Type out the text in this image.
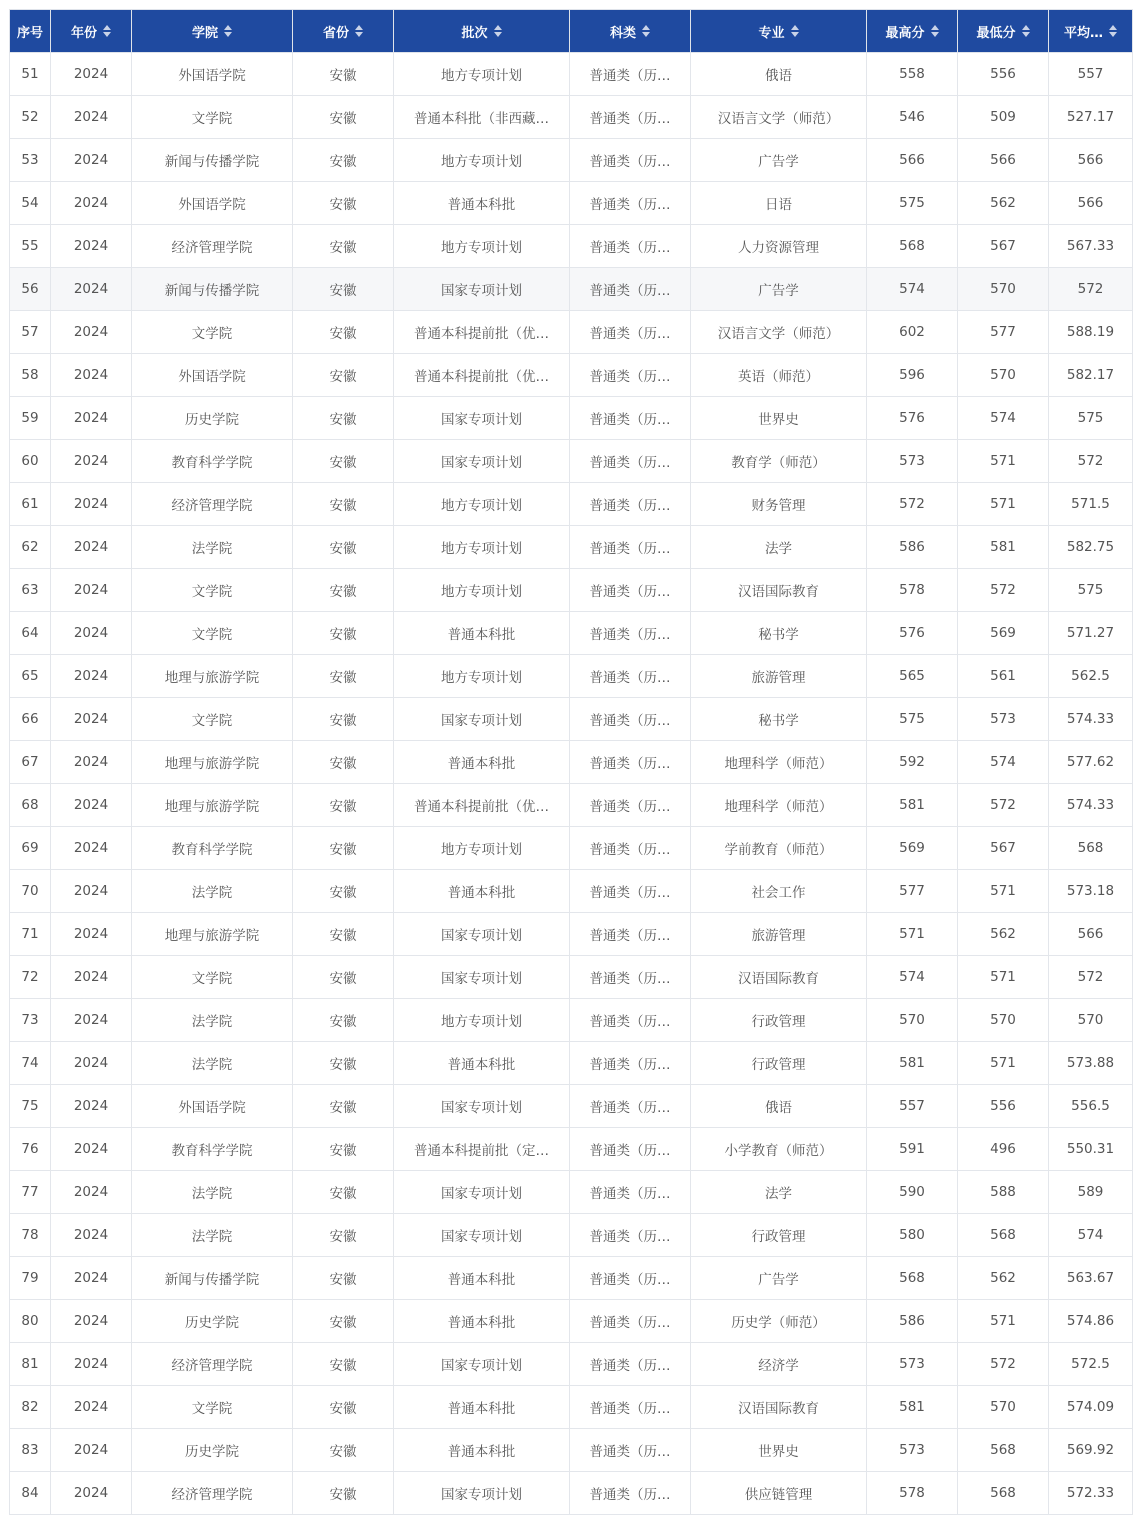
序号	年份	学院	省份	批次	科类	专业	最高分	最低分	平均…

51	2024	外国语学院	安徽	地方专项计划	普通类（历…	俄语	558	556	557
52	2024	文学院	安徽	普通本科批（非西藏…	普通类（历…	汉语言文学（师范）	546	509	527.17
53	2024	新闻与传播学院	安徽	地方专项计划	普通类（历…	广告学	566	566	566
54	2024	外国语学院	安徽	普通本科批	普通类（历…	日语	575	562	566
55	2024	经济管理学院	安徽	地方专项计划	普通类（历…	人力资源管理	568	567	567.33
56	2024	新闻与传播学院	安徽	国家专项计划	普通类（历…	广告学	574	570	572
57	2024	文学院	安徽	普通本科提前批（优…	普通类（历…	汉语言文学（师范）	602	577	588.19
58	2024	外国语学院	安徽	普通本科提前批（优…	普通类（历…	英语（师范）	596	570	582.17
59	2024	历史学院	安徽	国家专项计划	普通类（历…	世界史	576	574	575
60	2024	教育科学学院	安徽	国家专项计划	普通类（历…	教育学（师范）	573	571	572
61	2024	经济管理学院	安徽	地方专项计划	普通类（历…	财务管理	572	571	571.5
62	2024	法学院	安徽	地方专项计划	普通类（历…	法学	586	581	582.75
63	2024	文学院	安徽	地方专项计划	普通类（历…	汉语国际教育	578	572	575
64	2024	文学院	安徽	普通本科批	普通类（历…	秘书学	576	569	571.27
65	2024	地理与旅游学院	安徽	地方专项计划	普通类（历…	旅游管理	565	561	562.5
66	2024	文学院	安徽	国家专项计划	普通类（历…	秘书学	575	573	574.33
67	2024	地理与旅游学院	安徽	普通本科批	普通类（历…	地理科学（师范）	592	574	577.62
68	2024	地理与旅游学院	安徽	普通本科提前批（优…	普通类（历…	地理科学（师范）	581	572	574.33
69	2024	教育科学学院	安徽	地方专项计划	普通类（历…	学前教育（师范）	569	567	568
70	2024	法学院	安徽	普通本科批	普通类（历…	社会工作	577	571	573.18
71	2024	地理与旅游学院	安徽	国家专项计划	普通类（历…	旅游管理	571	562	566
72	2024	文学院	安徽	国家专项计划	普通类（历…	汉语国际教育	574	571	572
73	2024	法学院	安徽	地方专项计划	普通类（历…	行政管理	570	570	570
74	2024	法学院	安徽	普通本科批	普通类（历…	行政管理	581	571	573.88
75	2024	外国语学院	安徽	国家专项计划	普通类（历…	俄语	557	556	556.5
76	2024	教育科学学院	安徽	普通本科提前批（定…	普通类（历…	小学教育（师范）	591	496	550.31
77	2024	法学院	安徽	国家专项计划	普通类（历…	法学	590	588	589
78	2024	法学院	安徽	国家专项计划	普通类（历…	行政管理	580	568	574
79	2024	新闻与传播学院	安徽	普通本科批	普通类（历…	广告学	568	562	563.67
80	2024	历史学院	安徽	普通本科批	普通类（历…	历史学（师范）	586	571	574.86
81	2024	经济管理学院	安徽	国家专项计划	普通类（历…	经济学	573	572	572.5
82	2024	文学院	安徽	普通本科批	普通类（历…	汉语国际教育	581	570	574.09
83	2024	历史学院	安徽	普通本科批	普通类（历…	世界史	573	568	569.92
84	2024	经济管理学院	安徽	国家专项计划	普通类（历…	供应链管理	578	568	572.33
